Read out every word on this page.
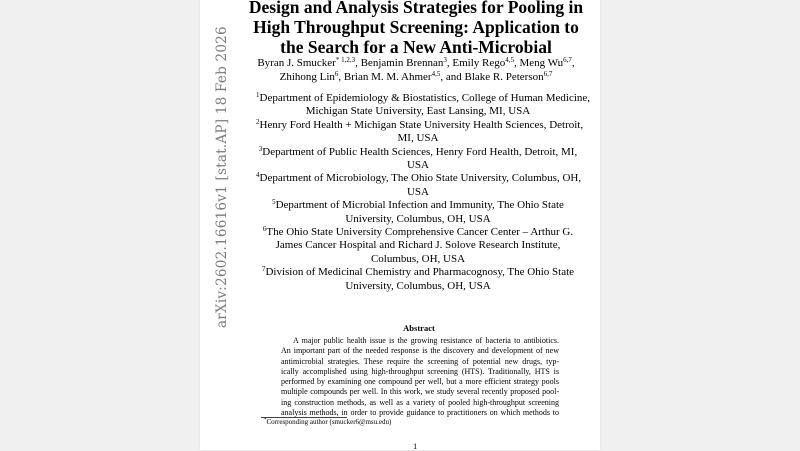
arXiv:2602.16616v1 [stat.AP] 18 Feb 2026
Design and Analysis Strategies for Pooling in
High Throughput Screening: Application to
the Search for a New Anti-Microbial
Byran J. Smucker$^{* 1,2,3}$, Benjamin Brennan$^3$, Emily Rego$^{4,5}$, Meng Wu$^{6,7}$,
Zhihong Lin$^6$, Brian M. M. Ahmer$^{4,5}$, and Blake R. Peterson$^{6,7}$
$^1$Department of Epidemiology & Biostatistics, College of Human Medicine,
Michigan State University, East Lansing, MI, USA
$^2$Henry Ford Health + Michigan State University Health Sciences, Detroit,
MI, USA
$^3$Department of Public Health Sciences, Henry Ford Health, Detroit, MI,
USA
$^4$Department of Microbiology, The Ohio State University, Columbus, OH,
USA
$^5$Department of Microbial Infection and Immunity, The Ohio State
University, Columbus, OH, USA
$^6$The Ohio State University Comprehensive Cancer Center – Arthur G.
James Cancer Hospital and Richard J. Solove Research Institute,
Columbus, OH, USA
$^7$Division of Medicinal Chemistry and Pharmacognosy, The Ohio State
University, Columbus, OH, USA
Abstract
A major public health issue is the growing resistance of bacteria to antibiotics.
An important part of the needed response is the discovery and development of new
antimicrobial strategies. These require the screening of potential new drugs, typ-
ically accomplished using high-throughput screening (HTS). Traditionally, HTS is
performed by examining one compound per well, but a more efficient strategy pools
multiple compounds per well. In this work, we study several recently proposed pool-
ing construction methods, as well as a variety of pooled high-throughput screening
analysis methods, in order to provide guidance to practitioners on which methods to
*Corresponding author (smucker6@msu.edu)
1
